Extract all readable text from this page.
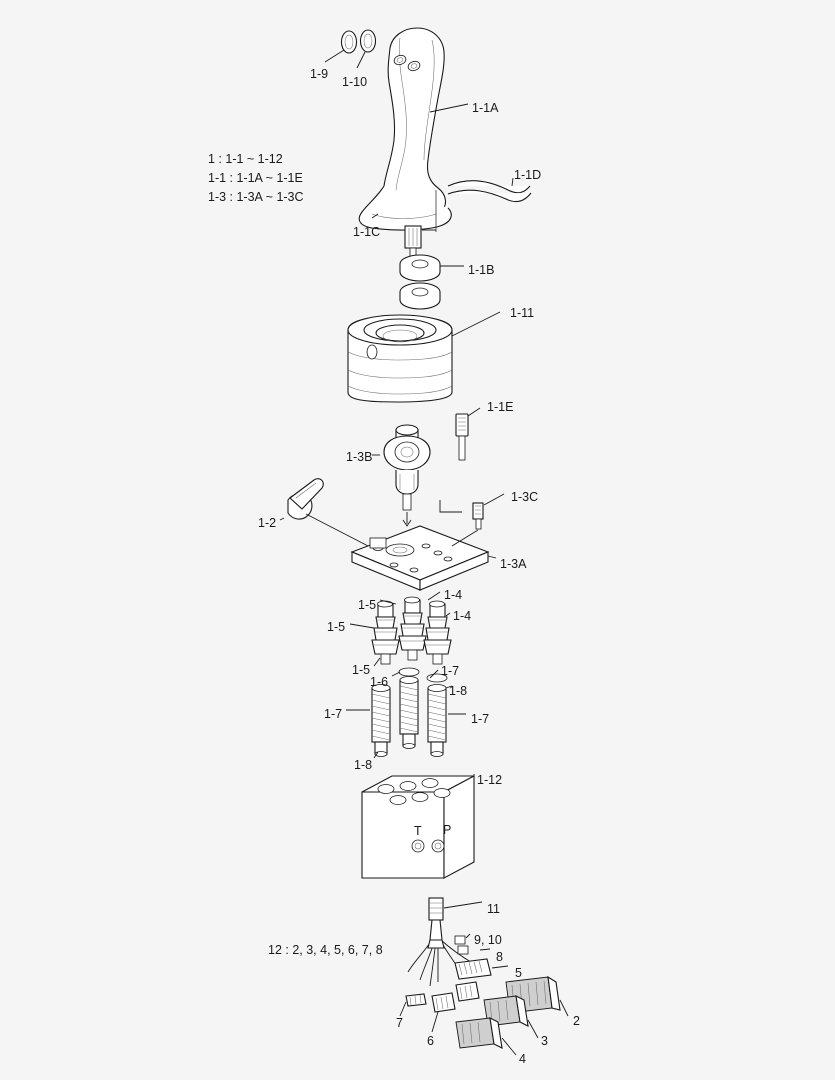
1 : 1-1 ~ 1-12
1-1 : 1-1A ~ 1-1E
1-3 : 1-3A ~ 1-3C
12 : 2, 3, 4, 5, 6, 7, 8
T P
1-9
1-10
1-1A
1-1D
1-1C
1-1B
1-11
1-1E
1-3B
1-3C
1-2
1-3A
1-4
1-5
1-4
1-5
1-5
1-6
1-7
1-8
1-7	1-7
1-8
1-12
11
9, 10
8
5
2
7
6	3
4
